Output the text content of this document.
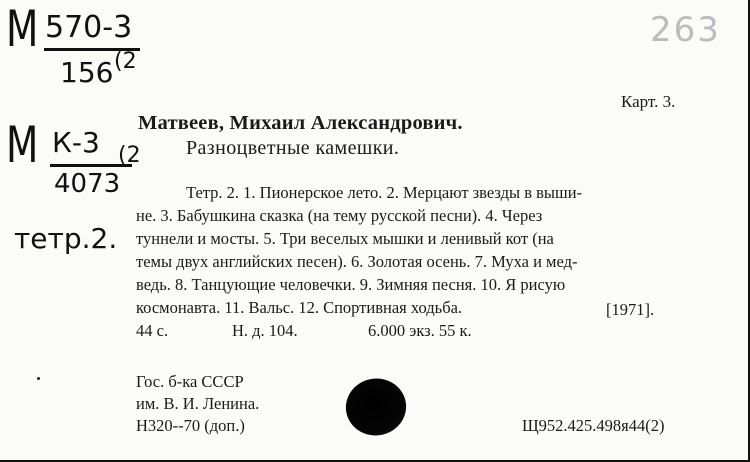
М 570-3
156 (2
М К-3
4073
(2
тетр.2.
263
Карт. 3.
Матвеев, Михаил Александрович.
Разноцветные камешки.
Тетр. 2. 1. Пионерское лето. 2. Мерцают звезды в выши-
не. 3. Бабушкина сказка (на тему русской песни). 4. Через
туннели и мосты. 5. Три веселых мышки и ленивый кот (на
темы двух английских песен). 6. Золотая осень. 7. Муха и мед-
ведь. 8. Танцующие человечки. 9. Зимняя песня. 10. Я рисую
космонавта. 11. Вальс. 12. Спортивная ходьба.	[1971].
44 с.	Н. д. 104.	6.000 экз. 55 к.
Гос. б-ка СССР
им. В. И. Ленина.
Н320--70 (доп.)	Щ952.425.498я44(2)
